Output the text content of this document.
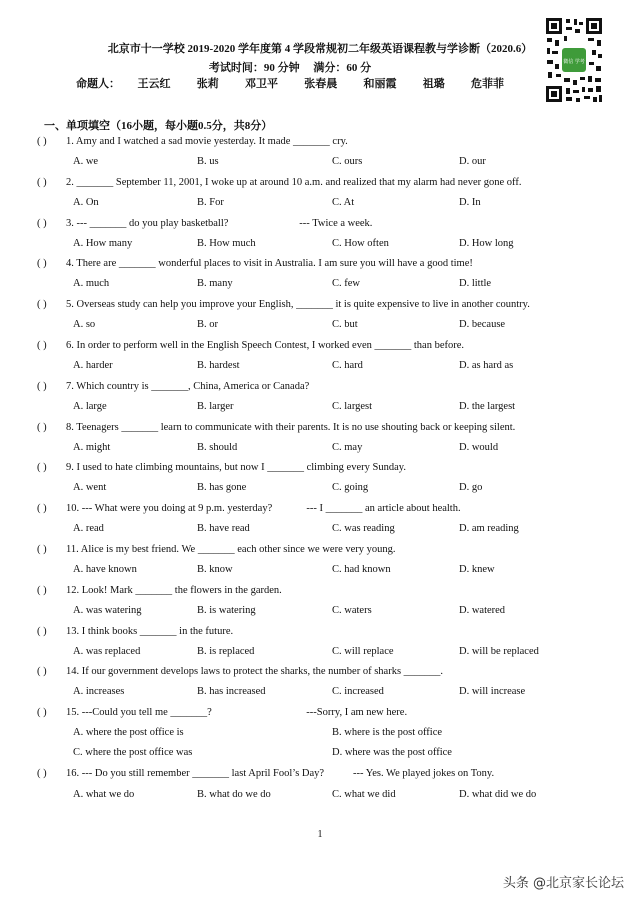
北京市十一学校 2019-2020 学年度第 4 学段常规初二年级英语课程教与学诊断（2020.6）
考试时间：90 分钟     满分：60 分
命题人：  王云红   张莉   邓卫平   张春晨   和丽霞   祖璐   危菲菲
微信 学考
一、单项填空（16小题，每小题0.5分，共8分）
( ) 1. Amy and I watched a sad movie yesterday. It made _______ cry.
A. we	B. us	C. ours	D. our
( ) 2. _______ September 11, 2001, I woke up at around 10 a.m. and realized that my alarm had never gone off.
A. On	B. For	C. At	D. In
( ) 3. --- _______ do you play basketball?                           --- Twice a week.
A. How many	B. How much	C. How often	D. How long
( ) 4. There are _______ wonderful places to visit in Australia. I am sure you will have a good time!
A. much	B. many	C. few	D. little
( ) 5. Overseas study can help you improve your English, _______ it is quite expensive to live in another country.
A. so	B. or	C. but	D. because
( ) 6. In order to perform well in the English Speech Contest, I worked even _______ than before.
A. harder	B. hardest	C. hard	D. as hard as
( ) 7. Which country is _______, China, America or Canada?
A. large	B. larger	C. largest	D. the largest
( ) 8. Teenagers _______ learn to communicate with their parents. It is no use shouting back or keeping silent.
A. might	B. should	C. may	D. would
( ) 9. I used to hate climbing mountains, but now I _______ climbing every Sunday.
A. went	B. has gone	C. going	D. go
( ) 10. --- What were you doing at 9 p.m. yesterday?             --- I _______ an article about health.
A. read	B. have read	C. was reading	D. am reading
( ) 11. Alice is my best friend. We _______ each other since we were very young.
A. have known	B. know	C. had known	D. knew
( ) 12. Look! Mark _______ the flowers in the garden.
A. was watering	B. is watering	C. waters	D. watered
( ) 13. I think books _______ in the future.
A. was replaced	B. is replaced	C. will replace	D. will be replaced
( ) 14. If our government develops laws to protect the sharks, the number of sharks _______.
A. increases	B. has increased	C. increased	D. will increase
( ) 15. ---Could you tell me _______?                                    ---Sorry, I am new here.
A. where the post office is	B. where is the post office
C. where the post office was	D. where was the post office
( ) 16. --- Do you still remember _______ last April Fool’s Day?           --- Yes. We played jokes on Tony.
A. what we do	B. what do we do	C. what we did	D. what did we do
1
头条 @北京家长论坛
